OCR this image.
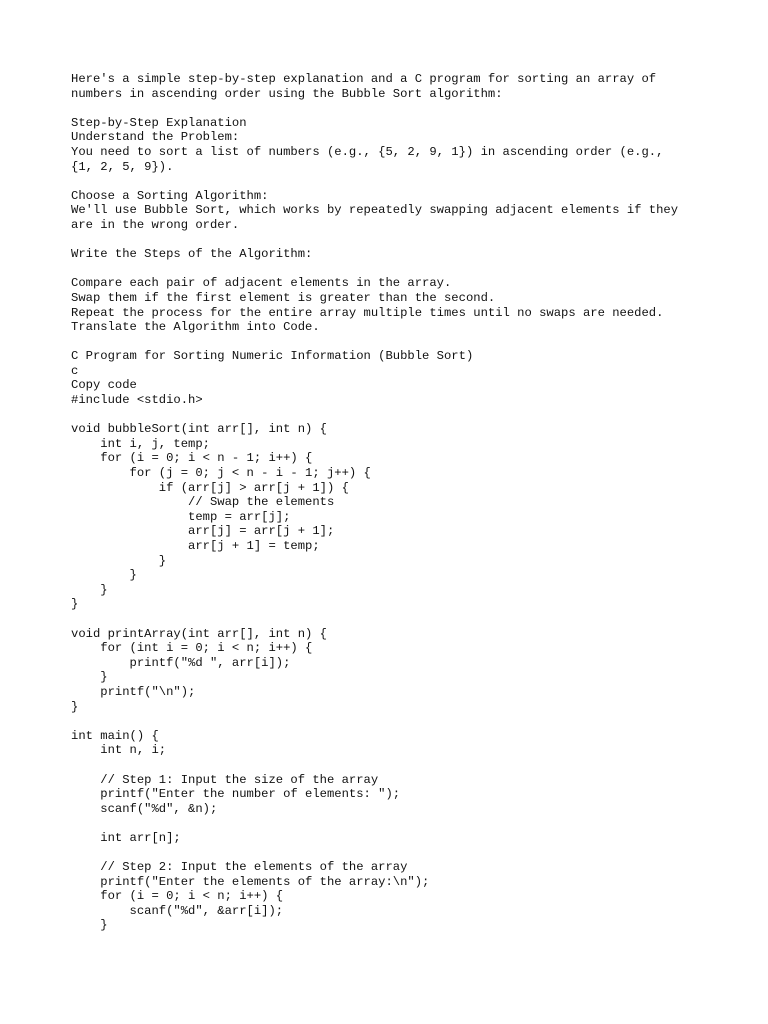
Here's a simple step-by-step explanation and a C program for sorting an array of
numbers in ascending order using the Bubble Sort algorithm:
Step-by-Step Explanation
Understand the Problem:
You need to sort a list of numbers (e.g., {5, 2, 9, 1}) in ascending order (e.g.,
{1, 2, 5, 9}).
Choose a Sorting Algorithm:
We'll use Bubble Sort, which works by repeatedly swapping adjacent elements if they
are in the wrong order.
Write the Steps of the Algorithm:
Compare each pair of adjacent elements in the array.
Swap them if the first element is greater than the second.
Repeat the process for the entire array multiple times until no swaps are needed.
Translate the Algorithm into Code.
C Program for Sorting Numeric Information (Bubble Sort)
c
Copy code
#include <stdio.h>
void bubbleSort(int arr[], int n) {
int i, j, temp;
for (i = 0; i < n - 1; i++) {
for (j = 0; j < n - i - 1; j++) {
if (arr[j] > arr[j + 1]) {
// Swap the elements
temp = arr[j];
arr[j] = arr[j + 1];
arr[j + 1] = temp;
}
}
}
}
void printArray(int arr[], int n) {
for (int i = 0; i < n; i++) {
printf("%d ", arr[i]);
}
printf("\n");
}
int main() {
int n, i;
// Step 1: Input the size of the array
printf("Enter the number of elements: ");
scanf("%d", &n);
int arr[n];
// Step 2: Input the elements of the array
printf("Enter the elements of the array:\n");
for (i = 0; i < n; i++) {
scanf("%d", &arr[i]);
}
